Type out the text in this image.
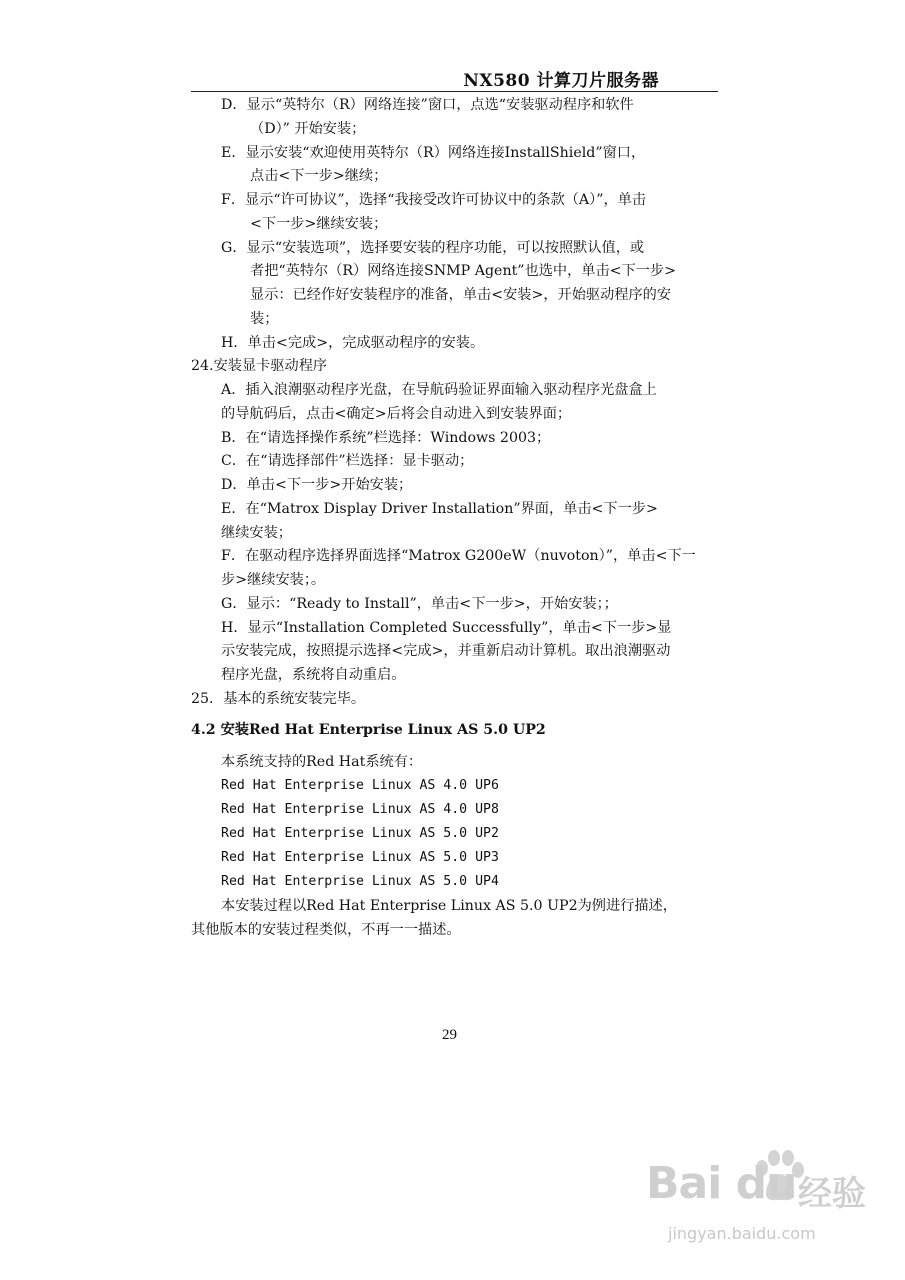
NX580 计算刀片服务器
D．显示“英特尔（R）网络连接”窗口，点选“安装驱动程序和软件
（D）” 开始安装；
E．显示安装“欢迎使用英特尔（R）网络连接InstallShield”窗口，
点击<下一步>继续；
F．显示“许可协议”，选择“我接受改许可协议中的条款（A）”，单击
<下一步>继续安装；
G．显示“安装选项”，选择要安装的程序功能，可以按照默认值，或
者把“英特尔（R）网络连接SNMP Agent”也选中，单击<下一步>
显示：已经作好安装程序的准备，单击<安装>，开始驱动程序的安
装；
H．单击<完成>，完成驱动程序的安装。
24.安装显卡驱动程序
A．插入浪潮驱动程序光盘，在导航码验证界面输入驱动程序光盘盒上
的导航码后，点击<确定>后将会自动进入到安装界面；
B．在“请选择操作系统”栏选择：Windows 2003；
C．在“请选择部件”栏选择：显卡驱动；
D．单击<下一步>开始安装；
E．在“Matrox Display Driver Installation”界面，单击<下一步>
继续安装；
F．在驱动程序选择界面选择“Matrox G200eW（nuvoton）”，单击<下一
步>继续安装；。
G．显示：“Ready to Install”，单击<下一步>，开始安装；；
H．显示“Installation Completed Successfully”，单击<下一步>显
示安装完成，按照提示选择<完成>，并重新启动计算机。取出浪潮驱动
程序光盘，系统将自动重启。
25．基本的系统安装完毕。
4.2 安装Red Hat Enterprise Linux AS 5.0 UP2
本系统支持的Red Hat系统有：
Red Hat Enterprise Linux AS 4.0 UP6
Red Hat Enterprise Linux AS 4.0 UP8
Red Hat Enterprise Linux AS 5.0 UP2
Red Hat Enterprise Linux AS 5.0 UP3
Red Hat Enterprise Linux AS 5.0 UP4
本安装过程以Red Hat Enterprise Linux AS 5.0 UP2为例进行描述，
其他版本的安装过程类似，不再一一描述。
29
Bai du 经验
jingyan.baidu.com
